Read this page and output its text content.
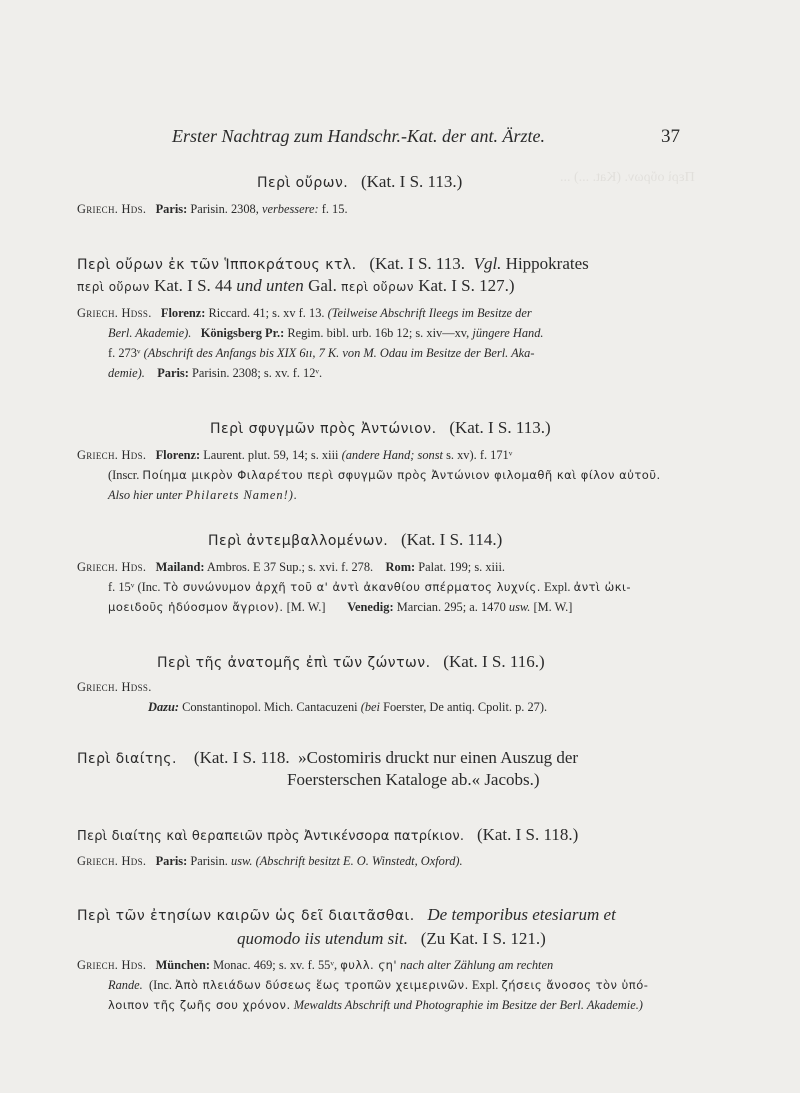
Περὶ οὔρων. (Kat. ...) ...
Erster Nachtrag zum Handschr.-Kat. der ant. Ärzte.	37
Περὶ οὔρων. (Kat. I S. 113.)
Griech. Hds. Paris: Parisin. 2308, verbessere: f. 15.
Περὶ οὔρων ἐκ τῶν Ἱπποκράτους κτλ. (Kat. I S. 113. Vgl. Hippokrates
περὶ οὔρων Kat. I S. 44 und unten Gal. περὶ οὔρων Kat. I S. 127.)
Griech. Hdss. Florenz: Riccard. 41; s. xv f. 13. (Teilweise Abschrift Ileegs im Besitze der
Berl. Akademie). Königsberg Pr.: Regim. bibl. urb. 16b 12; s. xiv—xv, jüngere Hand.
f. 273ᵛ (Abschrift des Anfangs bis XIX 6ıı, 7 K. von M. Odau im Besitze der Berl. Aka-
demie). Paris: Parisin. 2308; s. xv. f. 12ᵛ.
Περὶ σφυγμῶν πρὸς Ἀντώνιον. (Kat. I S. 113.)
Griech. Hds. Florenz: Laurent. plut. 59, 14; s. xiii (andere Hand; sonst s. xv). f. 171ᵛ
(Inscr. Ποίημα μικρὸν Φιλαρέτου περὶ σφυγμῶν πρὸς Ἀντώνιον φιλομαθῆ καὶ φίλον αὐτοῦ.
Also hier unter Philarets Namen!).
Περὶ ἀντεμβαλλομένων. (Kat. I S. 114.)
Griech. Hds. Mailand: Ambros. E 37 Sup.; s. xvi. f. 278. Rom: Palat. 199; s. xiii.
f. 15ᵛ (Inc. Τὸ συνώνυμον ἀρχῆ τοῦ α' ἀντὶ ἀκανθίου σπέρματος λυχνίς. Expl. ἀντὶ ὠκι-
μοειδοῦς ἡδύοσμον ἄγριον). [M. W.] Venedig: Marcian. 295; a. 1470 usw. [M. W.]
Περὶ τῆς ἀνατομῆς ἐπὶ τῶν ζώντων. (Kat. I S. 116.)
Griech. Hdss.
Dazu: Constantinopol. Mich. Cantacuzeni (bei Foerster, De antiq. Cpolit. p. 27).
Περὶ διαίτης. (Kat. I S. 118. »Costomiris druckt nur einen Auszug der
Foersterschen Kataloge ab.« Jacobs.)
Περὶ διαίτης καὶ θεραπειῶν πρὸς Ἀντικένσορα πατρίκιον. (Kat. I S. 118.)
Griech. Hds. Paris: Parisin. usw. (Abschrift besitzt E. O. Winstedt, Oxford).
Περὶ τῶν ἐτησίων καιρῶν ὡς δεῖ διαιτᾶσθαι. De temporibus etesiarum et
quomodo iis utendum sit. (Zu Kat. I S. 121.)
Griech. Hds. München: Monac. 469; s. xv. f. 55ᵛ, φυλλ. ϛη' nach alter Zählung am rechten
Rande. (Inc. Ἀπὸ πλειάδων δύσεως ἕως τροπῶν χειμερινῶν. Expl. ζήσεις ἄνοσος τὸν ὑπό-
λοιπον τῆς ζωῆς σου χρόνον. Mewaldts Abschrift und Photographie im Besitze der Berl. Akademie.)
